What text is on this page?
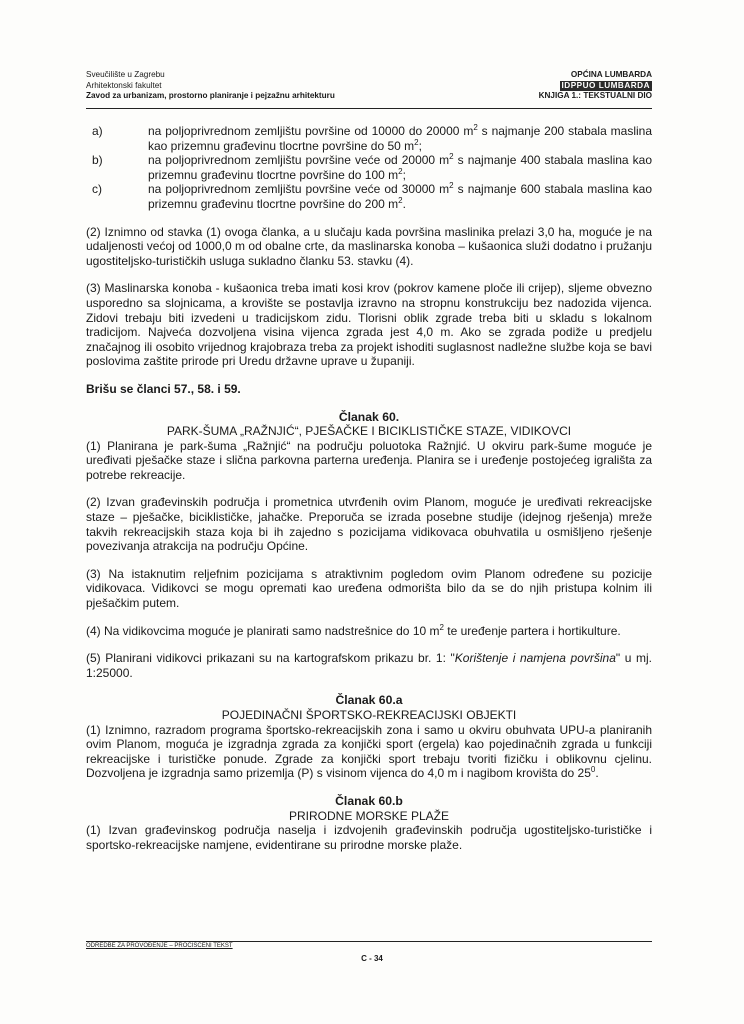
Sveučilište u Zagrebu
Arhitektonski fakultet
Zavod za urbanizam, prostorno planiranje i pejzažnu arhitekturu
OPĆINA LUMBARDA
IDPPUO LUMBARDA
KNJIGA 1.: TEKSTUALNI DIO
a)	na poljoprivrednom zemljištu površine od 10000 do 20000 $m^2$ s najmanje 200 stabala maslina kao prizemnu građevinu tlocrtne površine do 50 $m^2$;
b)	na poljoprivrednom zemljištu površine veće od 20000 $m^2$ s najmanje 400 stabala maslina kao prizemnu građevinu tlocrtne površine do 100 $m^2$;
c)	na poljoprivrednom zemljištu površine veće od 30000 $m^2$ s najmanje 600 stabala maslina kao prizemnu građevinu tlocrtne površine do 200 $m^2$.

(2) Iznimno od stavka (1) ovoga članka, a u slučaju kada površina maslinika prelazi 3,0 ha, moguće je na udaljenosti većoj od 1000,0 m od obalne crte, da maslinarska konoba – kušaonica služi dodatno i pružanju ugostiteljsko-turističkih usluga sukladno članku 53. stavku (4).

(3) Maslinarska konoba - kušaonica treba imati kosi krov (pokrov kamene ploče ili crijep), sljeme obvezno usporedno sa slojnicama, a krovište se postavlja izravno na stropnu konstrukciju bez nadozida vijenca. Zidovi trebaju biti izvedeni u tradicijskom zidu. Tlorisni oblik zgrade treba biti u skladu s lokalnom tradicijom. Najveća dozvoljena visina vijenca zgrada jest 4,0 m. Ako se zgrada podiže u predjelu značajnog ili osobito vrijednog krajobraza treba za projekt ishoditi suglasnost nadležne službe koja se bavi poslovima zaštite prirode pri Uredu državne uprave u županiji.

Brišu se članci 57., 58. i 59.

Članak 60.
PARK-ŠUMA „RAŽNJIĆ“, PJEŠAČKE I BICIKLISTIČKE STAZE, VIDIKOVCI

(1) Planirana je park-šuma „Ražnjić“ na području poluotoka Ražnjić. U okviru park-šume moguće je uređivati pješačke staze i slična parkovna parterna uređenja. Planira se i uređenje postojećeg igrališta za potrebe rekreacije.

(2) Izvan građevinskih područja i prometnica utvrđenih ovim Planom, moguće je uređivati rekreacijske staze – pješačke, biciklističke, jahačke. Preporuča se izrada posebne studije (idejnog rješenja) mreže takvih rekreacijskih staza koja bi ih zajedno s pozicijama vidikovaca obuhvatila u osmišljeno rješenje povezivanja atrakcija na području Općine.

(3) Na istaknutim reljefnim pozicijama s atraktivnim pogledom ovim Planom određene su pozicije vidikovaca. Vidikovci se mogu opremati kao uređena odmorišta bilo da se do njih pristupa kolnim ili pješačkim putem.

(4) Na vidikovcima moguće je planirati samo nadstrešnice do 10 $m^2$ te uređenje partera i hortikulture.

(5) Planirani vidikovci prikazani su na kartografskom prikazu br. 1: "Korištenje i namjena površina" u mj. 1:25000.

Članak 60.a
POJEDINAČNI ŠPORTSKO-REKREACIJSKI OBJEKTI

(1) Iznimno, razradom programa športsko-rekreacijskih zona i samo u okviru obuhvata UPU-a planiranih ovim Planom, moguća je izgradnja zgrada za konjički sport (ergela) kao pojedinačnih zgrada u funkciji rekreacijske i turističke ponude. Zgrade za konjički sport trebaju tvoriti fizičku i oblikovnu cjelinu. Dozvoljena je izgradnja samo prizemlja (P) s visinom vijenca do 4,0 m i nagibom krovišta do $25^0$.

Članak 60.b
PRIRODNE MORSKE PLAŽE

(1) Izvan građevinskog područja naselja i izdvojenih građevinskih područja ugostiteljsko-turističke i sportsko-rekreacijske namjene, evidentirane su prirodne morske plaže.

ODREDBE ZA PROVOĐENJE – PROČIŠĆENI TEKST
C - 34
